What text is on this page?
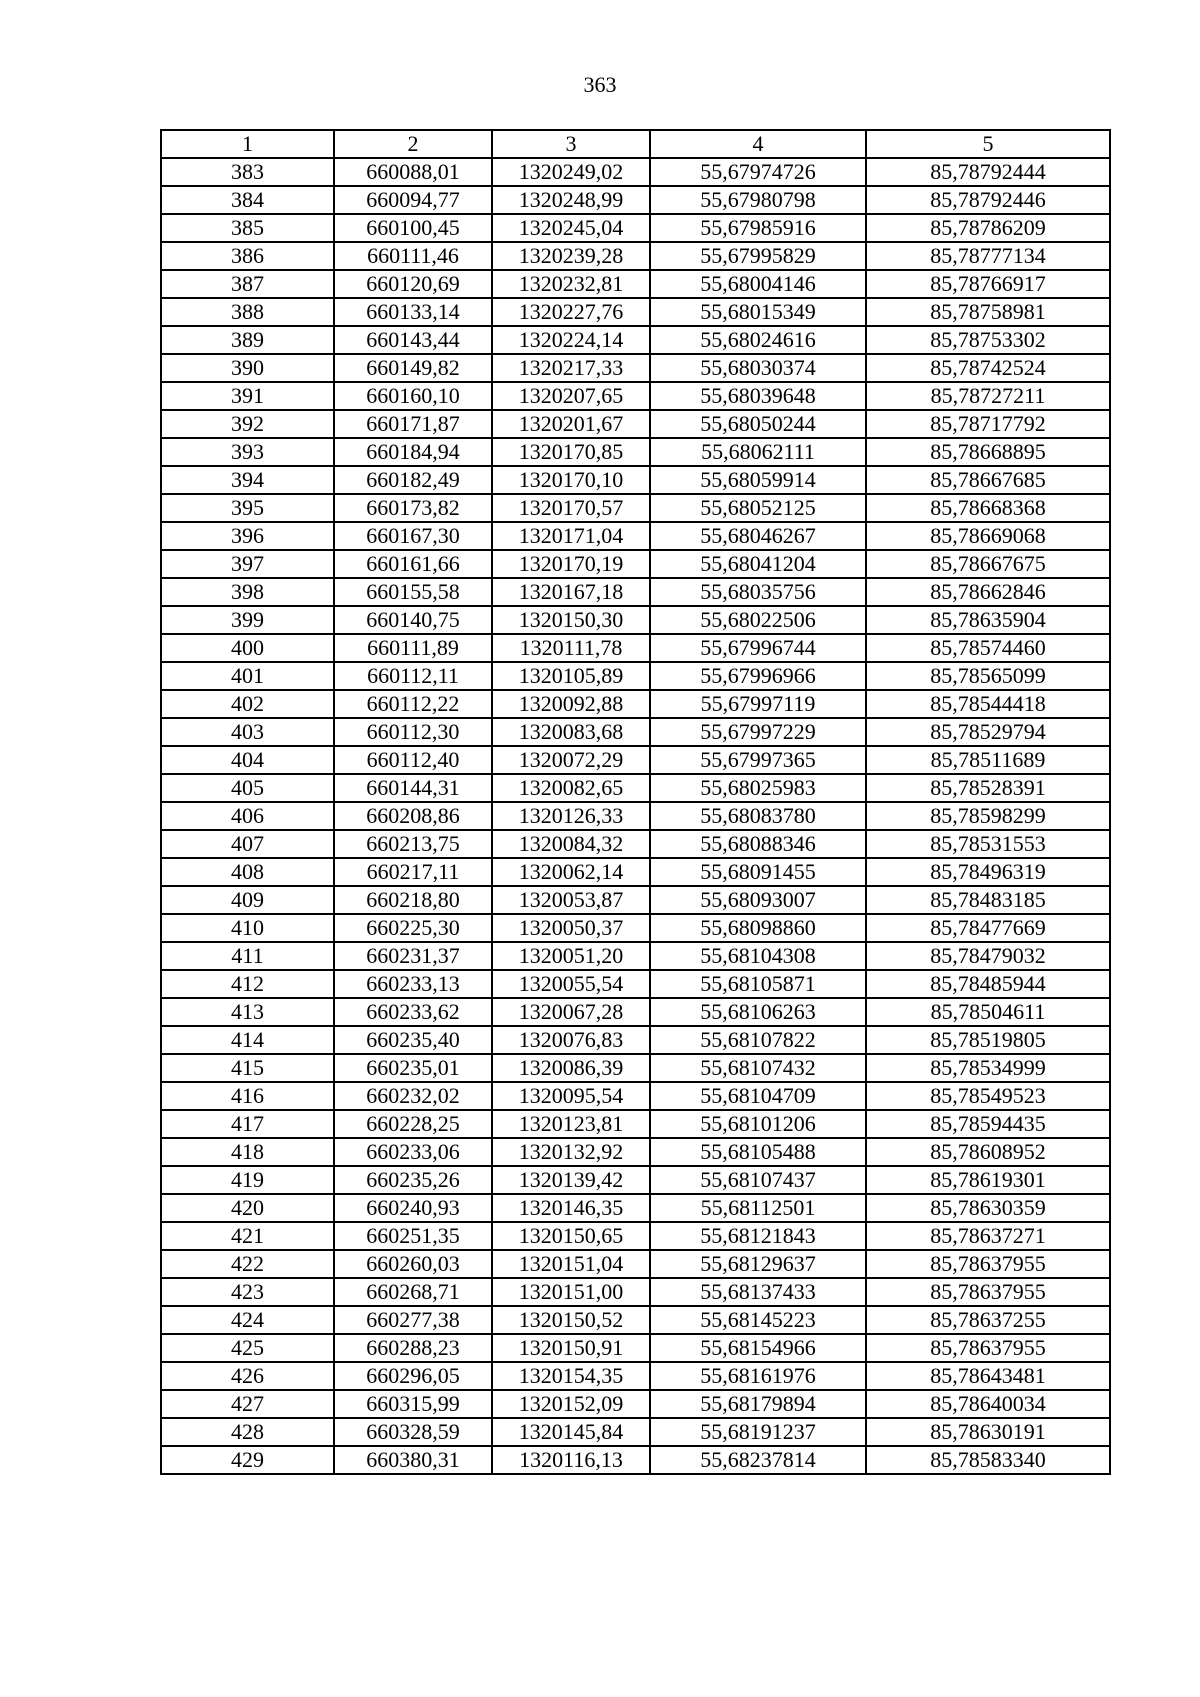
363
1	2	3	4	5
383	660088,01	1320249,02	55,67974726	85,78792444
384	660094,77	1320248,99	55,67980798	85,78792446
385	660100,45	1320245,04	55,67985916	85,78786209
386	660111,46	1320239,28	55,67995829	85,78777134
387	660120,69	1320232,81	55,68004146	85,78766917
388	660133,14	1320227,76	55,68015349	85,78758981
389	660143,44	1320224,14	55,68024616	85,78753302
390	660149,82	1320217,33	55,68030374	85,78742524
391	660160,10	1320207,65	55,68039648	85,78727211
392	660171,87	1320201,67	55,68050244	85,78717792
393	660184,94	1320170,85	55,68062111	85,78668895
394	660182,49	1320170,10	55,68059914	85,78667685
395	660173,82	1320170,57	55,68052125	85,78668368
396	660167,30	1320171,04	55,68046267	85,78669068
397	660161,66	1320170,19	55,68041204	85,78667675
398	660155,58	1320167,18	55,68035756	85,78662846
399	660140,75	1320150,30	55,68022506	85,78635904
400	660111,89	1320111,78	55,67996744	85,78574460
401	660112,11	1320105,89	55,67996966	85,78565099
402	660112,22	1320092,88	55,67997119	85,78544418
403	660112,30	1320083,68	55,67997229	85,78529794
404	660112,40	1320072,29	55,67997365	85,78511689
405	660144,31	1320082,65	55,68025983	85,78528391
406	660208,86	1320126,33	55,68083780	85,78598299
407	660213,75	1320084,32	55,68088346	85,78531553
408	660217,11	1320062,14	55,68091455	85,78496319
409	660218,80	1320053,87	55,68093007	85,78483185
410	660225,30	1320050,37	55,68098860	85,78477669
411	660231,37	1320051,20	55,68104308	85,78479032
412	660233,13	1320055,54	55,68105871	85,78485944
413	660233,62	1320067,28	55,68106263	85,78504611
414	660235,40	1320076,83	55,68107822	85,78519805
415	660235,01	1320086,39	55,68107432	85,78534999
416	660232,02	1320095,54	55,68104709	85,78549523
417	660228,25	1320123,81	55,68101206	85,78594435
418	660233,06	1320132,92	55,68105488	85,78608952
419	660235,26	1320139,42	55,68107437	85,78619301
420	660240,93	1320146,35	55,68112501	85,78630359
421	660251,35	1320150,65	55,68121843	85,78637271
422	660260,03	1320151,04	55,68129637	85,78637955
423	660268,71	1320151,00	55,68137433	85,78637955
424	660277,38	1320150,52	55,68145223	85,78637255
425	660288,23	1320150,91	55,68154966	85,78637955
426	660296,05	1320154,35	55,68161976	85,78643481
427	660315,99	1320152,09	55,68179894	85,78640034
428	660328,59	1320145,84	55,68191237	85,78630191
429	660380,31	1320116,13	55,68237814	85,78583340
